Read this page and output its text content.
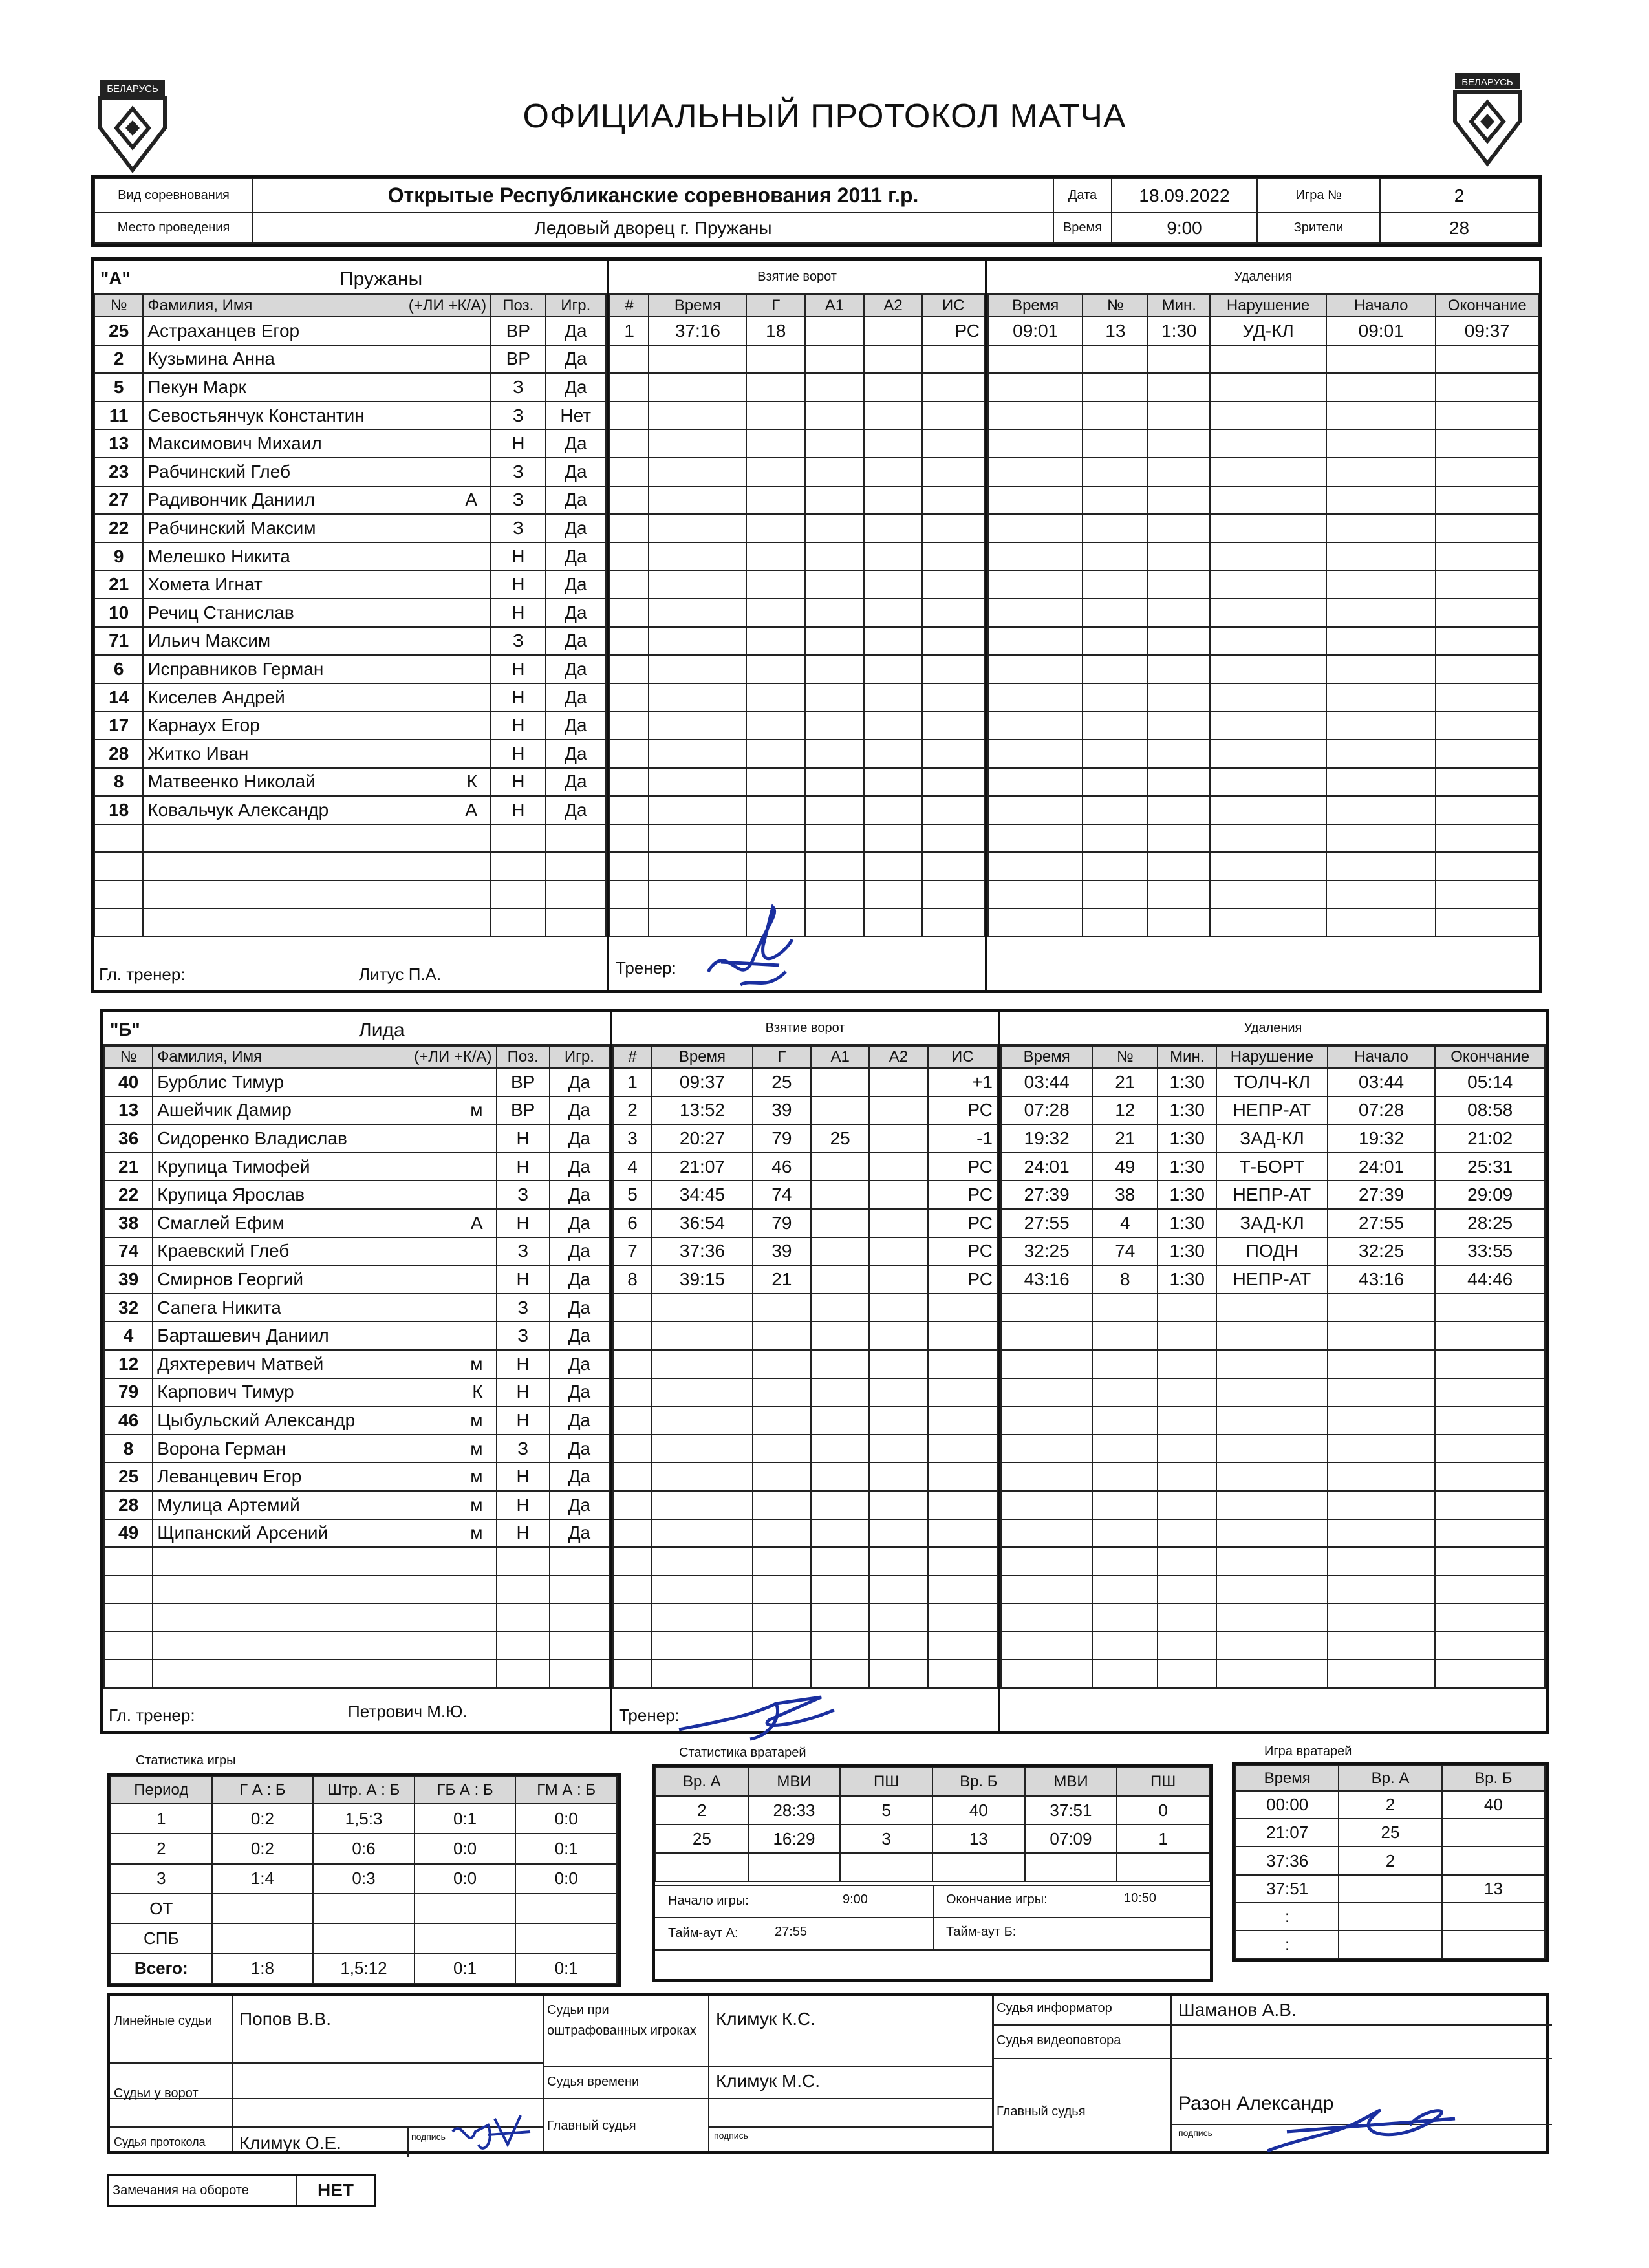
БЕЛАРУСЬ
БЕЛАРУСЬ
ОФИЦИАЛЬНЫЙ ПРОТОКОЛ МАТЧА
Вид соревнования	Открытые Республиканские соревнования 2011 г.р.	Дата	18.09.2022	Игра №	2
Место проведения	Ледовый дворец г. Пружаны	Время	9:00	Зрители	28
"А"	Пружаны
№	Фамилия, Имя (+ЛИ +К/А)	Поз.	Игр.
25	Астраханцев Егор	ВР	Да
2	Кузьмина Анна	ВР	Да
5	Пекун Марк	З	Да
11	Севостьянчук Константин	З	Нет
13	Максимович Михаил	Н	Да
23	Рабчинский Глеб	З	Да
27	Радивончик Даниил А	З	Да
22	Рабчинский Максим	З	Да
9	Мелешко Никита	Н	Да
21	Хомета Игнат	Н	Да
10	Речиц Станислав	Н	Да
71	Ильич Максим	З	Да
6	Исправников Герман	Н	Да
14	Киселев Андрей	Н	Да
17	Карнаух Егор	Н	Да
28	Житко Иван	Н	Да
8	Матвеенко Николай К	Н	Да
18	Ковальчук Александр А	Н	Да

Гл. тренер:	Литус П.А.
Взятие ворот
#	Время	Г	А1	А2	ИС
1	37:16	18			РС

Тренер:
Удаления
Время	№	Мин.	Нарушение	Начало	Окончание
09:01	13	1:30	УД-КЛ	09:01	09:37

"Б"	Лида
№	Фамилия, Имя (+ЛИ +К/А)	Поз.	Игр.
40	Бурблис Тимур	ВР	Да
13	Ашейчик Дамир м	ВР	Да
36	Сидоренко Владислав	Н	Да
21	Крупица Тимофей	Н	Да
22	Крупица Ярослав	З	Да
38	Смаглей Ефим А	Н	Да
74	Краевский Глеб	З	Да
39	Смирнов Георгий	Н	Да
32	Сапега Никита	З	Да
4	Барташевич Даниил	З	Да
12	Дяхтеревич Матвей м	Н	Да
79	Карпович Тимур К	Н	Да
46	Цыбульский Александр м	Н	Да
8	Ворона Герман м	З	Да
25	Леванцевич Егор м	Н	Да
28	Мулица Артемий м	Н	Да
49	Щипанский Арсений м	Н	Да

Гл. тренер:	Петрович М.Ю.
Взятие ворот
#	Время	Г	А1	А2	ИС
1	09:37	25			+1
2	13:52	39			РС
3	20:27	79	25		-1
4	21:07	46			РС
5	34:45	74			РС
6	36:54	79			РС
7	37:36	39			РС
8	39:15	21			РС

Тренер:
Удаления
Время	№	Мин.	Нарушение	Начало	Окончание
03:44	21	1:30	ТОЛЧ-КЛ	03:44	05:14
07:28	12	1:30	НЕПР-АТ	07:28	08:58
19:32	21	1:30	ЗАД-КЛ	19:32	21:02
24:01	49	1:30	Т-БОРТ	24:01	25:31
27:39	38	1:30	НЕПР-АТ	27:39	29:09
27:55	4	1:30	ЗАД-КЛ	27:55	28:25
32:25	74	1:30	ПОДН	32:25	33:55
43:16	8	1:30	НЕПР-АТ	43:16	44:46

Статистика игры
Период	Г А : Б	Штр. А : Б	ГБ А : Б	ГМ А : Б
1	0:2	1,5:3	0:1	0:0
2	0:2	0:6	0:0	0:1
3	1:4	0:3	0:0	0:0
ОТ				
СПБ				
Всего:	1:8	1,5:12	0:1	0:1
Статистика вратарей
Вр. А	МВИ	ПШ	Вр. Б	МВИ	ПШ
2	28:33	5	40	37:51	0
25	16:29	3	13	07:09	1

Начало игры:	9:00	Окончание игры:	10:50
Тайм-аут А:	27:55	Тайм-аут Б:
Игра вратарей
Время	Вр. А	Вр. Б
00:00	2	40
21:07	25	
37:36	2	
37:51		13
:		
:		
Линейные судьи Попов В.В.
Судьи у ворот
Судья протокола Климук О.Е.	подпись
Судьи при оштрафованных игроках
Климук К.С.
Судья времени	Климук М.С.
Главный судья
подпись
Судья информатор	Шаманов А.В.
Судья видеоповтора
Главный судья	Разон Александр
подпись
Замечания на обороте	НЕТ
